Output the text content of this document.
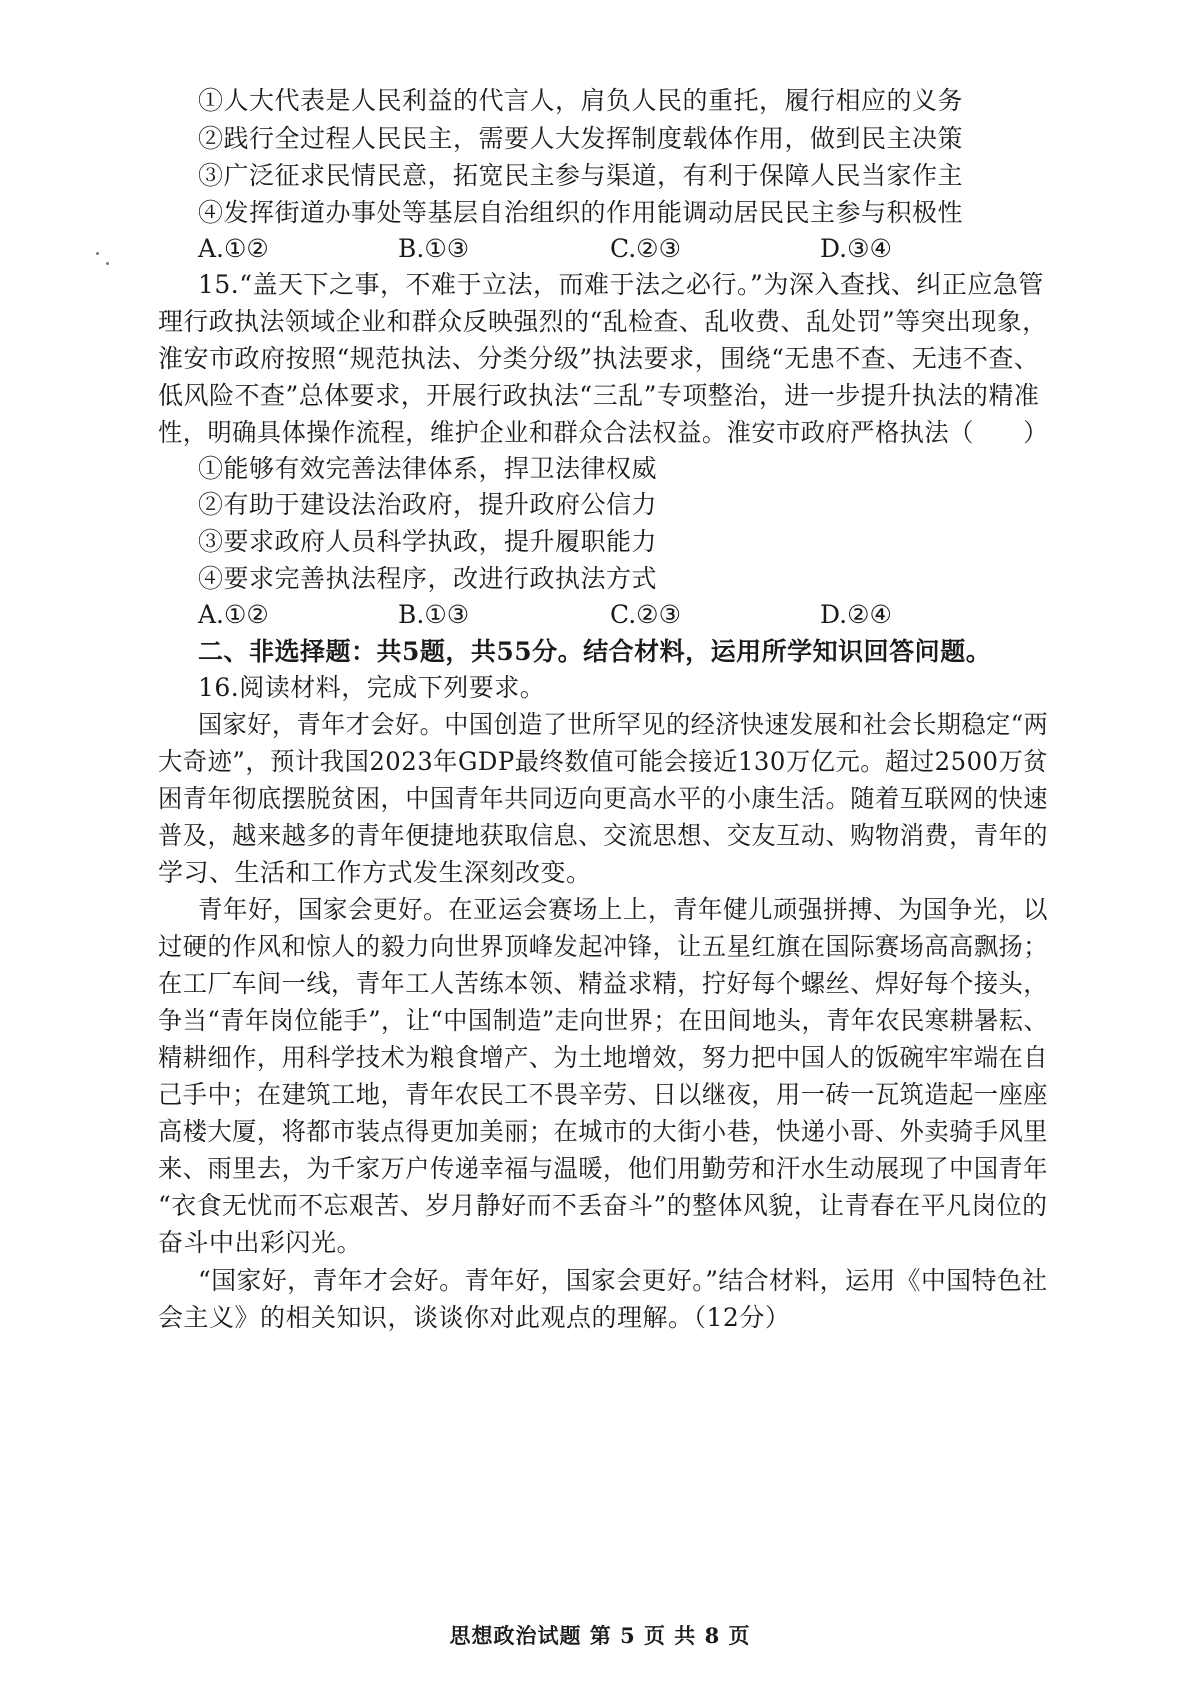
①人大代表是人民利益的代言人，肩负人民的重托，履行相应的义务
②践行全过程人民民主，需要人大发挥制度载体作用，做到民主决策
③广泛征求民情民意，拓宽民主参与渠道，有利于保障人民当家作主
④发挥街道办事处等基层自治组织的作用能调动居民民主参与积极性
A.①②	B.①③	C.②③	D.③④
15.“盖天下之事，不难于立法，而难于法之必行。”为深入查找、纠正应急管
理行政执法领域企业和群众反映强烈的“乱检查、乱收费、乱处罚”等突出现象，
淮安市政府按照“规范执法、分类分级”执法要求，围绕“无患不查、无违不查、
低风险不查”总体要求，开展行政执法“三乱”专项整治，进一步提升执法的精准
性，明确具体操作流程，维护企业和群众合法权益。淮安市政府严格执法（　　）
①能够有效完善法律体系，捍卫法律权威
②有助于建设法治政府，提升政府公信力
③要求政府人员科学执政，提升履职能力
④要求完善执法程序，改进行政执法方式
A.①②	B.①③	C.②③	D.②④
二、非选择题：共5题，共55分。结合材料，运用所学知识回答问题。
16.阅读材料，完成下列要求。
国家好，青年才会好。中国创造了世所罕见的经济快速发展和社会长期稳定“两
大奇迹”，预计我国2023年GDP最终数值可能会接近130万亿元。超过2500万贫
困青年彻底摆脱贫困，中国青年共同迈向更高水平的小康生活。随着互联网的快速
普及，越来越多的青年便捷地获取信息、交流思想、交友互动、购物消费，青年的
学习、生活和工作方式发生深刻改变。
青年好，国家会更好。在亚运会赛场上上，青年健儿顽强拼搏、为国争光，以
过硬的作风和惊人的毅力向世界顶峰发起冲锋，让五星红旗在国际赛场高高飘扬；
在工厂车间一线，青年工人苦练本领、精益求精，拧好每个螺丝、焊好每个接头，
争当“青年岗位能手”，让“中国制造”走向世界；在田间地头，青年农民寒耕暑耘、
精耕细作，用科学技术为粮食增产、为土地增效，努力把中国人的饭碗牢牢端在自
己手中；在建筑工地，青年农民工不畏辛劳、日以继夜，用一砖一瓦筑造起一座座
高楼大厦，将都市装点得更加美丽；在城市的大街小巷，快递小哥、外卖骑手风里
来、雨里去，为千家万户传递幸福与温暖，他们用勤劳和汗水生动展现了中国青年
“衣食无忧而不忘艰苦、岁月静好而不丢奋斗”的整体风貌，让青春在平凡岗位的
奋斗中出彩闪光。
“国家好，青年才会好。青年好，国家会更好。”结合材料，运用《中国特色社
会主义》的相关知识，谈谈你对此观点的理解。（12分）
思想政治试题 第 5 页 共 8 页
